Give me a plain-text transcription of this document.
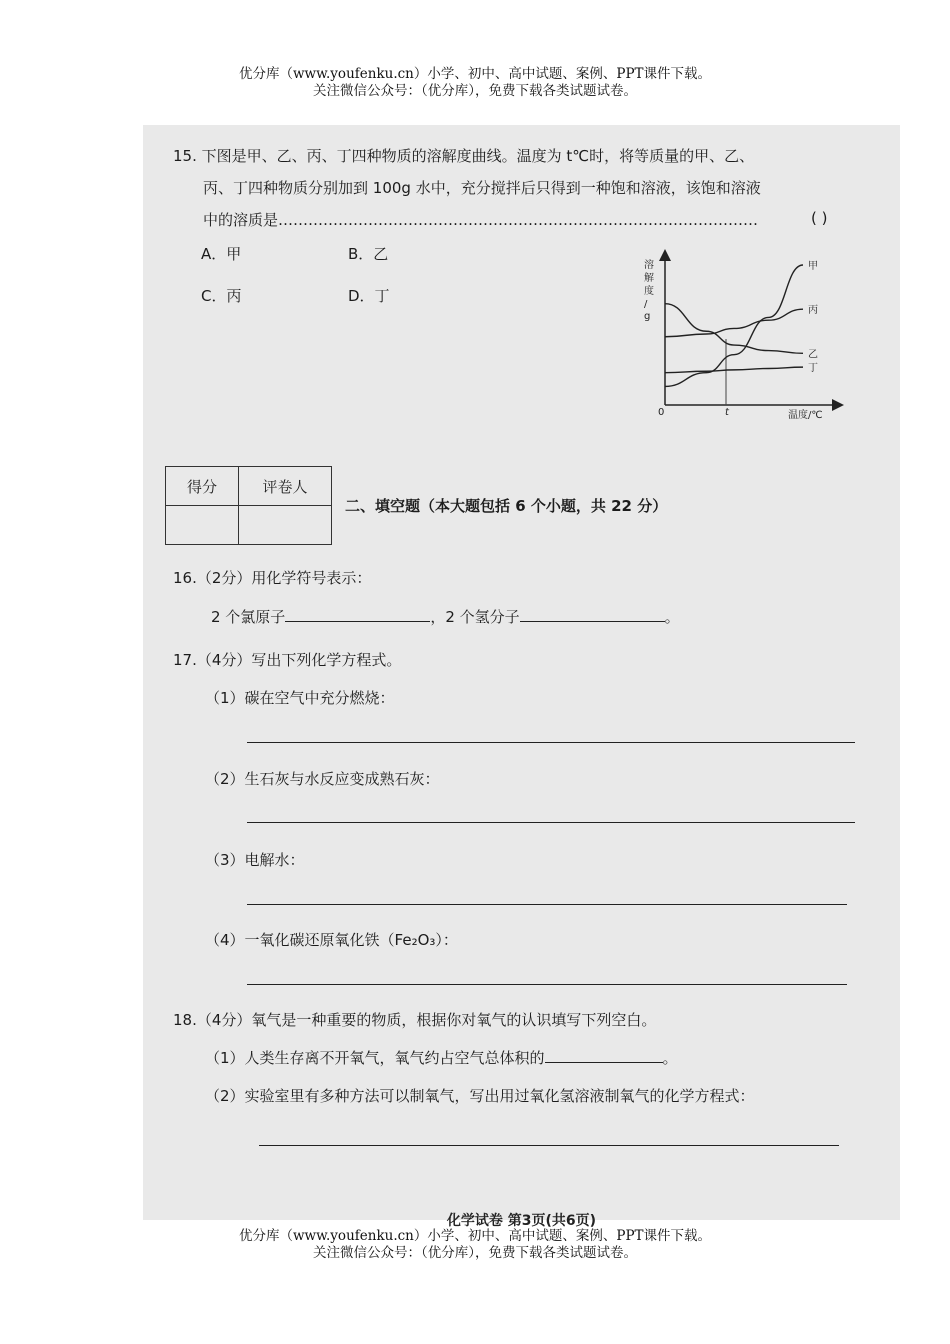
优分库（www.youfenku.cn）小学、初中、高中试题、案例、PPT课件下载。
关注微信公众号：（优分库），免费下载各类试题试卷。
15. 下图是甲、乙、丙、丁四种物质的溶解度曲线。温度为 t℃时，将等质量的甲、乙、
丙、丁四种物质分别加到 100g 水中，充分搅拌后只得到一种饱和溶液，该饱和溶液
中的溶质是……………………………………………………………………………………	( )
A．甲	B．乙
C．丙	D．丁
溶
解
度
/
g
0	t	温度/℃
甲
乙
丙
丁
得分	评卷人

二、填空题（本大题包括 6 个小题，共 22 分）
16.（2分）用化学符号表示：
2 个氯原子	，2 个氢分子	。
17.（4分）写出下列化学方程式。
（1）碳在空气中充分燃烧：
（2）生石灰与水反应变成熟石灰：
（3）电解水：
（4）一氧化碳还原氧化铁（Fe₂O₃）：
18.（4分）氧气是一种重要的物质，根据你对氧气的认识填写下列空白。
（1）人类生存离不开氧气，氧气约占空气总体积的	。
（2）实验室里有多种方法可以制氧气，写出用过氧化氢溶液制氧气的化学方程式：
化学试卷 第3页(共6页)
优分库（www.youfenku.cn）小学、初中、高中试题、案例、PPT课件下载。
关注微信公众号：（优分库），免费下载各类试题试卷。
